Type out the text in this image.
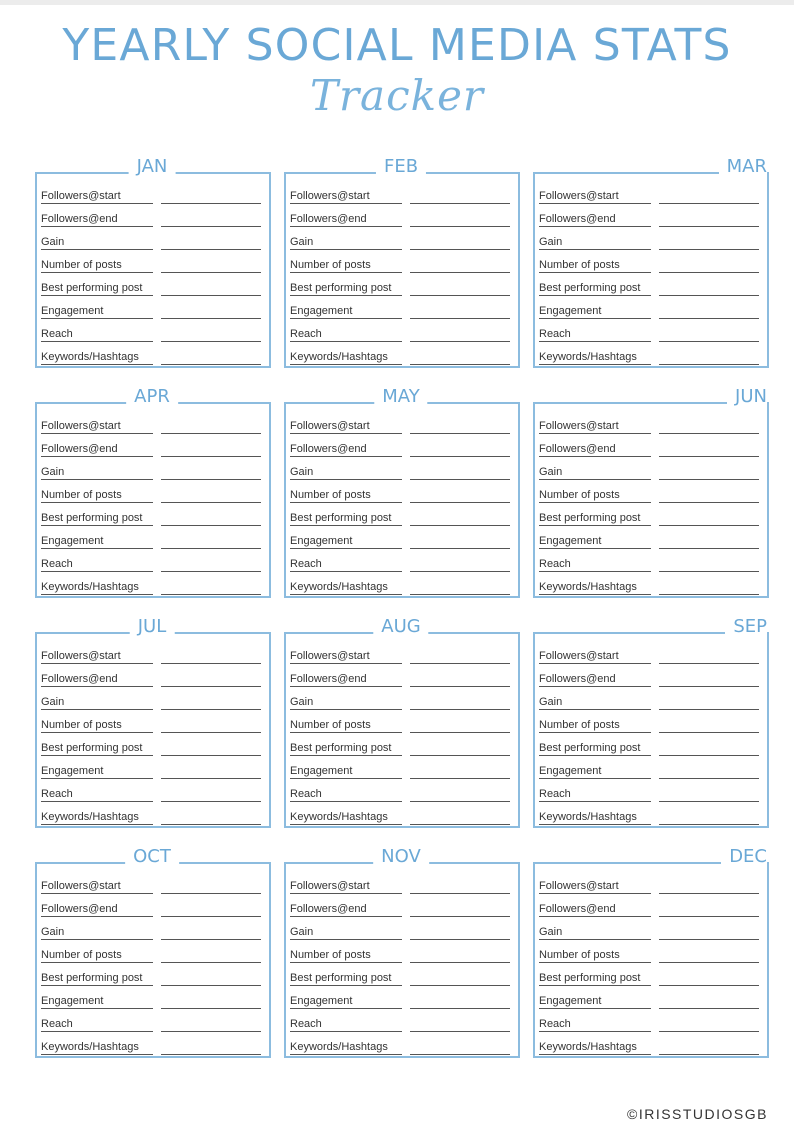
YEARLY SOCIAL MEDIA STATS
Tracker
JAN
Followers@start
Followers@end
Gain
Number of posts
Best performing post
Engagement
Reach
Keywords/Hashtags
FEB
Followers@start
Followers@end
Gain
Number of posts
Best performing post
Engagement
Reach
Keywords/Hashtags
MAR
Followers@start
Followers@end
Gain
Number of posts
Best performing post
Engagement
Reach
Keywords/Hashtags
APR
Followers@start
Followers@end
Gain
Number of posts
Best performing post
Engagement
Reach
Keywords/Hashtags
MAY
Followers@start
Followers@end
Gain
Number of posts
Best performing post
Engagement
Reach
Keywords/Hashtags
JUN
Followers@start
Followers@end
Gain
Number of posts
Best performing post
Engagement
Reach
Keywords/Hashtags
JUL
Followers@start
Followers@end
Gain
Number of posts
Best performing post
Engagement
Reach
Keywords/Hashtags
AUG
Followers@start
Followers@end
Gain
Number of posts
Best performing post
Engagement
Reach
Keywords/Hashtags
SEP
Followers@start
Followers@end
Gain
Number of posts
Best performing post
Engagement
Reach
Keywords/Hashtags
OCT
Followers@start
Followers@end
Gain
Number of posts
Best performing post
Engagement
Reach
Keywords/Hashtags
NOV
Followers@start
Followers@end
Gain
Number of posts
Best performing post
Engagement
Reach
Keywords/Hashtags
DEC
Followers@start
Followers@end
Gain
Number of posts
Best performing post
Engagement
Reach
Keywords/Hashtags
©IRISSTUDIOSGB
